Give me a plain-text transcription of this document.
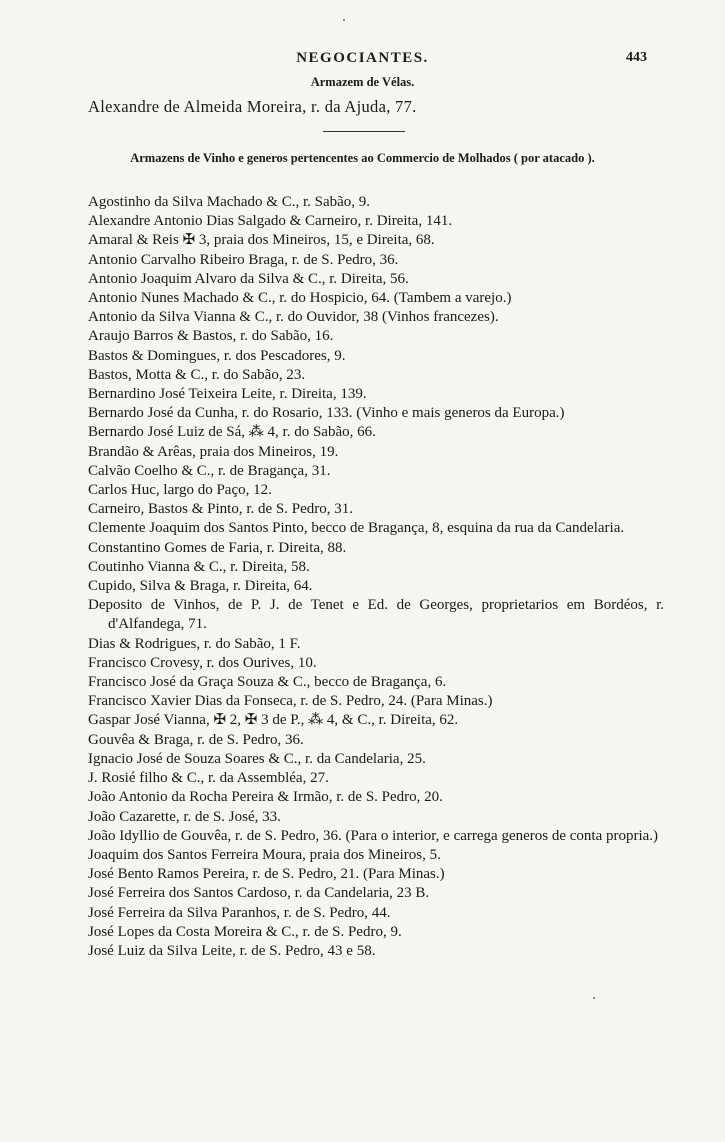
NEGOCIANTES.	443
Armazem de Vélas.
Alexandre de Almeida Moreira, r. da Ajuda, 77.
Armazens de Vinho e generos pertencentes ao Commercio de Molhados ( por atacado ).
Agostinho da Silva Machado & C., r. Sabão, 9.
Alexandre Antonio Dias Salgado & Carneiro, r. Direita, 141.
Amaral & Reis ✠ 3, praia dos Mineiros, 15, e Direita, 68.
Antonio Carvalho Ribeiro Braga, r. de S. Pedro, 36.
Antonio Joaquim Alvaro da Silva & C., r. Direita, 56.
Antonio Nunes Machado & C., r. do Hospicio, 64. (Tambem a varejo.)
Antonio da Silva Vianna & C., r. do Ouvidor, 38 (Vinhos francezes).
Araujo Barros & Bastos, r. do Sabão, 16.
Bastos & Domingues, r. dos Pescadores, 9.
Bastos, Motta & C., r. do Sabão, 23.
Bernardino José Teixeira Leite, r. Direita, 139.
Bernardo José da Cunha, r. do Rosario, 133. (Vinho e mais generos da Europa.)
Bernardo José Luiz de Sá, ⁂ 4, r. do Sabão, 66.
Brandão & Arêas, praia dos Mineiros, 19.
Calvão Coelho & C., r. de Bragança, 31.
Carlos Huc, largo do Paço, 12.
Carneiro, Bastos & Pinto, r. de S. Pedro, 31.
Clemente Joaquim dos Santos Pinto, becco de Bragança, 8, esquina da rua da Candelaria.
Constantino Gomes de Faria, r. Direita, 88.
Coutinho Vianna & C., r. Direita, 58.
Cupido, Silva & Braga, r. Direita, 64.
Deposito de Vinhos, de P. J. de Tenet e Ed. de Georges, proprietarios em Bordéos, r. d'Alfandega, 71.
Dias & Rodrigues, r. do Sabão, 1 F.
Francisco Crovesy, r. dos Ourives, 10.
Francisco José da Graça Souza & C., becco de Bragança, 6.
Francisco Xavier Dias da Fonseca, r. de S. Pedro, 24. (Para Minas.)
Gaspar José Vianna, ✠ 2, ✠ 3 de P., ⁂ 4, & C., r. Direita, 62.
Gouvêa & Braga, r. de S. Pedro, 36.
Ignacio José de Souza Soares & C., r. da Candelaria, 25.
J. Rosié filho & C., r. da Assembléa, 27.
João Antonio da Rocha Pereira & Irmão, r. de S. Pedro, 20.
João Cazarette, r. de S. José, 33.
João Idyllio de Gouvêa, r. de S. Pedro, 36. (Para o interior, e carrega generos de conta propria.)
Joaquim dos Santos Ferreira Moura, praia dos Mineiros, 5.
José Bento Ramos Pereira, r. de S. Pedro, 21. (Para Minas.)
José Ferreira dos Santos Cardoso, r. da Candelaria, 23 B.
José Ferreira da Silva Paranhos, r. de S. Pedro, 44.
José Lopes da Costa Moreira & C., r. de S. Pedro, 9.
José Luiz da Silva Leite, r. de S. Pedro, 43 e 58.
